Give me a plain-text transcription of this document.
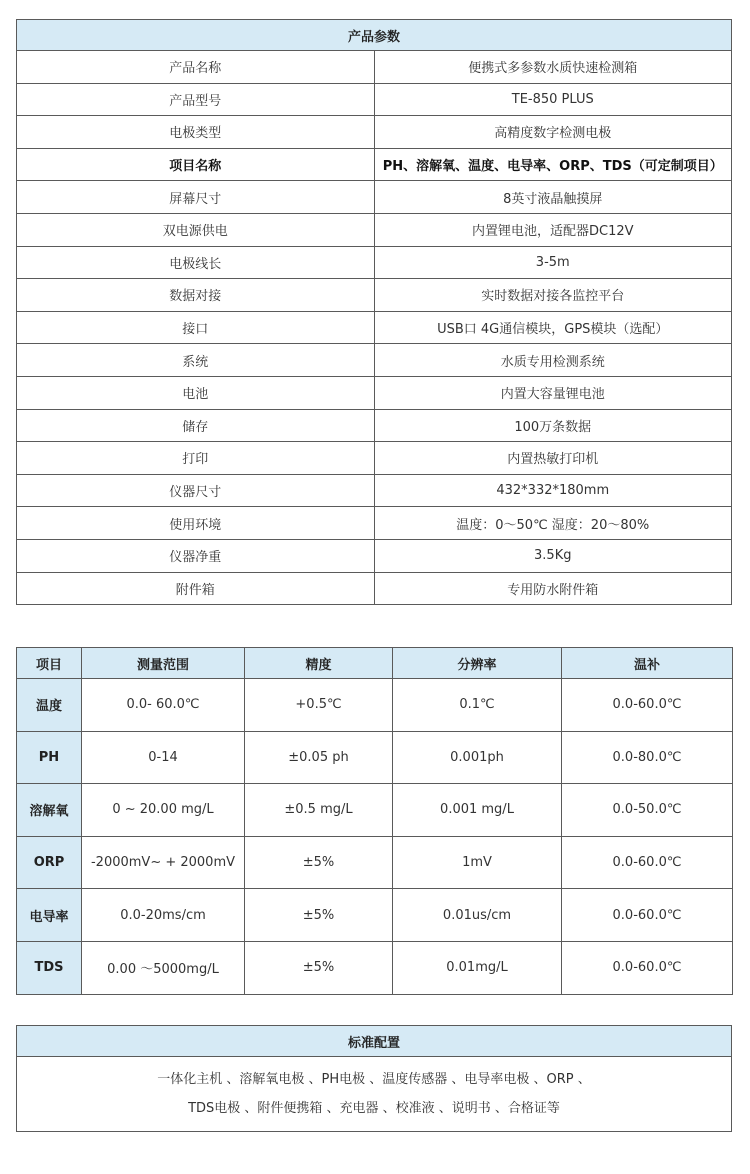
产品参数	
产品名称	便携式多参数水质快速检测箱
产品型号	TE-850 PLUS
电极类型	高精度数字检测电极
项目名称	PH、溶解氧、温度、电导率、ORP、TDS（可定制项目）
屏幕尺寸	8英寸液晶触摸屏
双电源供电	内置锂电池，适配器DC12V
电极线长	3-5m
数据对接	实时数据对接各监控平台
接口	USB口 4G通信模块，GPS模块（选配）
系统	水质专用检测系统
电池	内置大容量锂电池
储存	100万条数据
打印	内置热敏打印机
仪器尺寸	432*332*180mm
使用环境	温度：0～50℃ 湿度：20～80%
仪器净重	3.5Kg
附件箱	专用防水附件箱
项目	测量范围	精度	分辨率	温补
温度	0.0- 60.0℃	+0.5℃	0.1℃	0.0-60.0℃
PH	0-14	±0.05 ph	0.001ph	0.0-80.0℃
溶解氧	0 ~ 20.00 mg/L	±0.5 mg/L	0.001 mg/L	0.0-50.0℃
ORP	-2000mV~ + 2000mV	±5%	1mV	0.0-60.0℃
电导率	0.0-20ms/cm	±5%	0.01us/cm	0.0-60.0℃
TDS	0.00 ～5000mg/L	±5%	0.01mg/L	0.0-60.0℃
标准配置

一体化主机 、溶解氧电极 、PH电极 、温度传感器 、电导率电极 、ORP 、
TDS电极 、附件便携箱 、充电器 、校准液 、说明书 、合格证等
